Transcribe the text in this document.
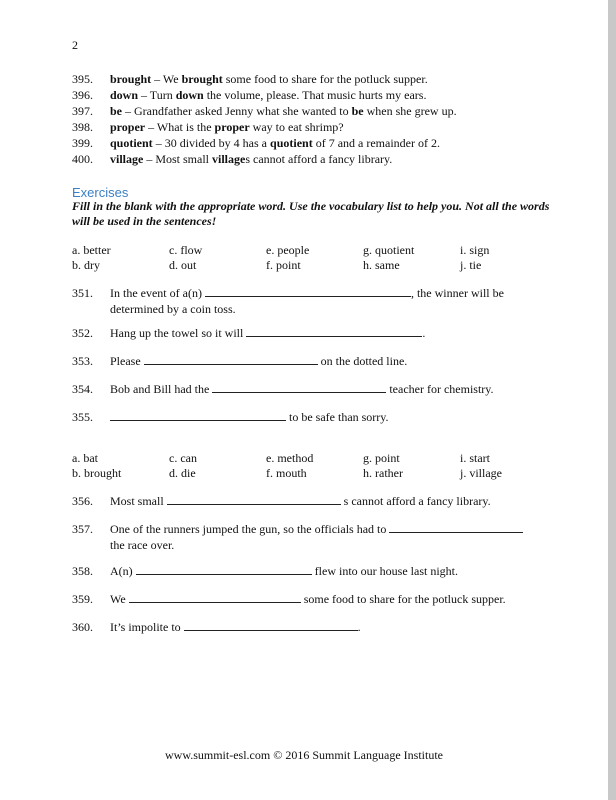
2
395.	brought – We brought some food to share for the potluck supper.
396.	down – Turn down the volume, please. That music hurts my ears.
397.	be – Grandfather asked Jenny what she wanted to be when she grew up.
398.	proper – What is the proper way to eat shrimp?
399.	quotient – 30 divided by 4 has a quotient of 7 and a remainder of 2.
400.	village – Most small villages cannot afford a fancy library.
Exercises
Fill in the blank with the appropriate word. Use the vocabulary list to help you. Not all the words will be used in the sentences!
a. better	c. flow	e. people	g. quotient	i. sign
b. dry	d. out	f. point	h. same	j. tie
351.	In the event of a(n)	, the winner will be determined by a coin toss.
352.	Hang up the towel so it will	.
353.	Please	on the dotted line.
354.	Bob and Bill had the	teacher for chemistry.
355.	to be safe than sorry.
a. bat	c. can	e. method	g. point	i. start
b. brought	d. die	f. mouth	h. rather	j. village
356.	Most small	s cannot afford a fancy library.
357.	One of the runners jumped the gun, so the officials had to  the race over.
358.	A(n)	flew into our house last night.
359.	We	some food to share for the potluck supper.
360.	It’s impolite to	.
www.summit-esl.com © 2016 Summit Language Institute
